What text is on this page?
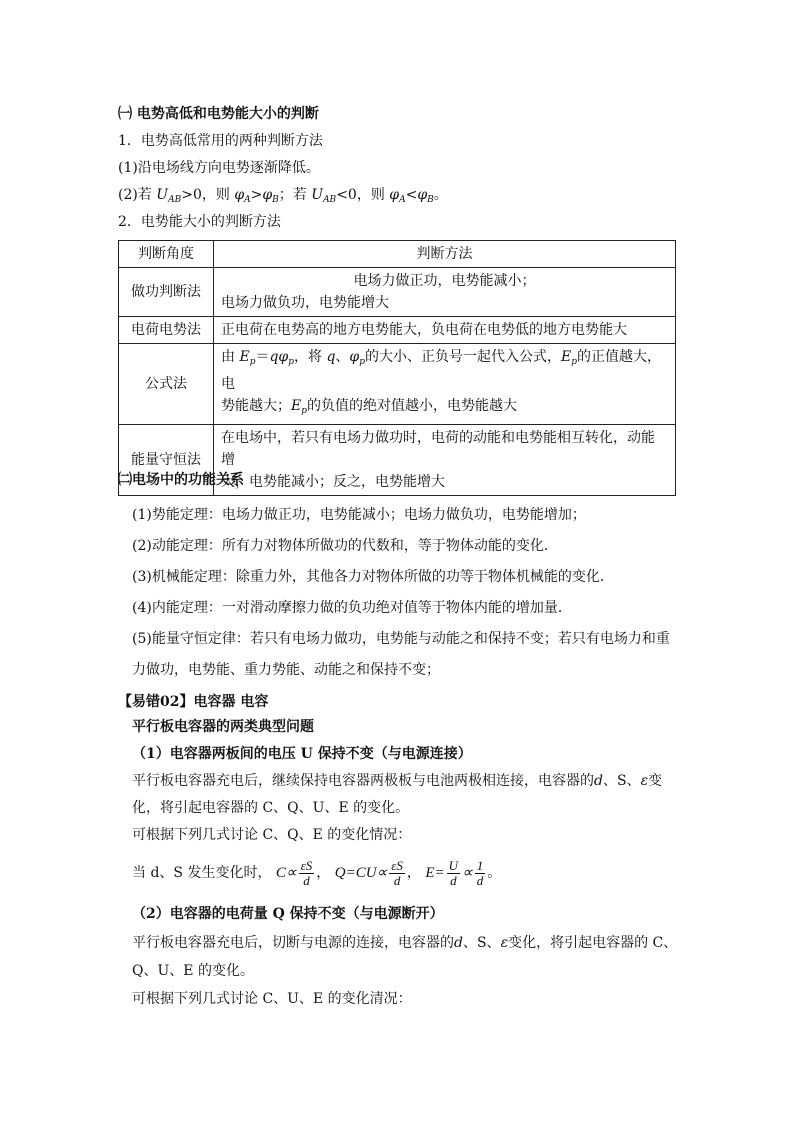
㈠ 电势高低和电势能大小的判断
1．电势高低常用的两种判断方法
(1)沿电场线方向电势逐渐降低。
(2)若 $U_{AB}>0$，则 $\varphi_A>\varphi_B$；若 $U_{AB}<0$，则 $\varphi_A<\varphi_B$。
2．电势能大小的判断方法
判断角度	判断方法
做功判断法	电场力做正功，电势能减小；
电场力做负功，电势能增大

电荷电势法	正电荷在电势高的地方电势能大，负电荷在电势低的地方电势能大
公式法	由 $E_p=q\varphi_p$，将 q、$\varphi_p$的大小、正负号一起代入公式，$E_p$的正值越大，电
势能越大；$E_p$的负值的绝对值越小，电势能越大

能量守恒法	在电场中，若只有电场力做功时，电荷的动能和电势能相互转化，动能增
大，电势能减小；反之，电势能增大
㈡电场中的功能关系
(1)势能定理：电场力做正功，电势能减小；电场力做负功，电势能增加；
(2)动能定理：所有力对物体所做功的代数和，等于物体动能的变化．
(3)机械能定理：除重力外，其他各力对物体所做的功等于物体机械能的变化．
(4)内能定理：一对滑动摩擦力做的负功绝对值等于物体内能的增加量．
(5)能量守恒定律：若只有电场力做功，电势能与动能之和保持不变；若只有电场力和重
力做功，电势能、重力势能、动能之和保持不变；
【易错02】电容器 电容
平行板电容器的两类典型问题
（1）电容器两板间的电压 U 保持不变（与电源连接）
平行板电容器充电后，继续保持电容器两极板与电池两极相连接，电容器的d、S、ε变
化，将引起电容器的 C、Q、U、E 的变化。
可根据下列几式讨论 C、Q、E 的变化情况：
当 d、S 发生变化时， $C\propto \frac{\varepsilon S}{d}$ ， $Q=CU\propto \frac{\varepsilon S}{d}$ ， $E= \frac{U}{d} \propto \frac{1}{d}$ 。
（2）电容器的电荷量 Q 保持不变（与电源断开）
平行板电容器充电后，切断与电源的连接，电容器的d、S、ε变化，将引起电容器的 C、
Q、U、E 的变化。
可根据下列几式讨论 C、U、E 的变化清况：
